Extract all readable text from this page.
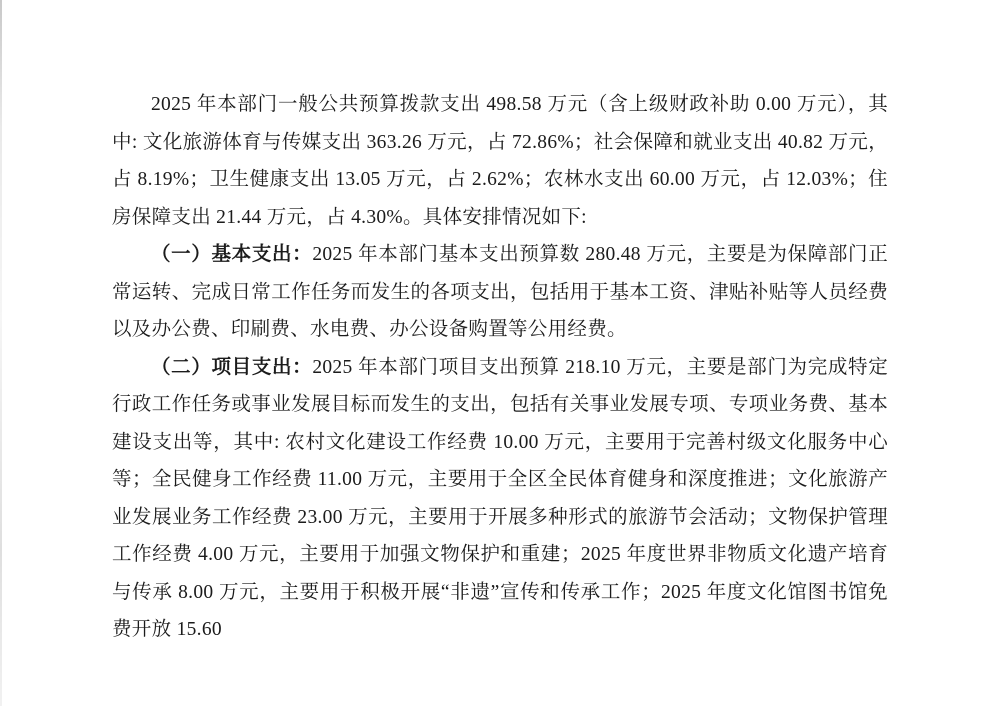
2025 年本部门一般公共预算拨款支出 498.58 万元（含上级财政补助 0.00 万元），其中: 文化旅游体育与传媒支出 363.26 万元，占 72.86%；社会保障和就业支出 40.82 万元，占 8.19%；卫生健康支出 13.05 万元，占 2.62%；农林水支出 60.00 万元，占 12.03%；住房保障支出 21.44 万元，占 4.30%。具体安排情况如下:

（一）基本支出：2025 年本部门基本支出预算数 280.48 万元，主要是为保障部门正常运转、完成日常工作任务而发生的各项支出，包括用于基本工资、津贴补贴等人员经费以及办公费、印刷费、水电费、办公设备购置等公用经费。

（二）项目支出：2025 年本部门项目支出预算 218.10 万元，主要是部门为完成特定行政工作任务或事业发展目标而发生的支出，包括有关事业发展专项、专项业务费、基本建设支出等，其中: 农村文化建设工作经费 10.00 万元，主要用于完善村级文化服务中心等；全民健身工作经费 11.00 万元，主要用于全区全民体育健身和深度推进；文化旅游产业发展业务工作经费 23.00 万元，主要用于开展多种形式的旅游节会活动；文物保护管理工作经费 4.00 万元，主要用于加强文物保护和重建；2025 年度世界非物质文化遗产培育与传承 8.00 万元，主要用于积极开展“非遗”宣传和传承工作；2025 年度文化馆图书馆免费开放 15.60
